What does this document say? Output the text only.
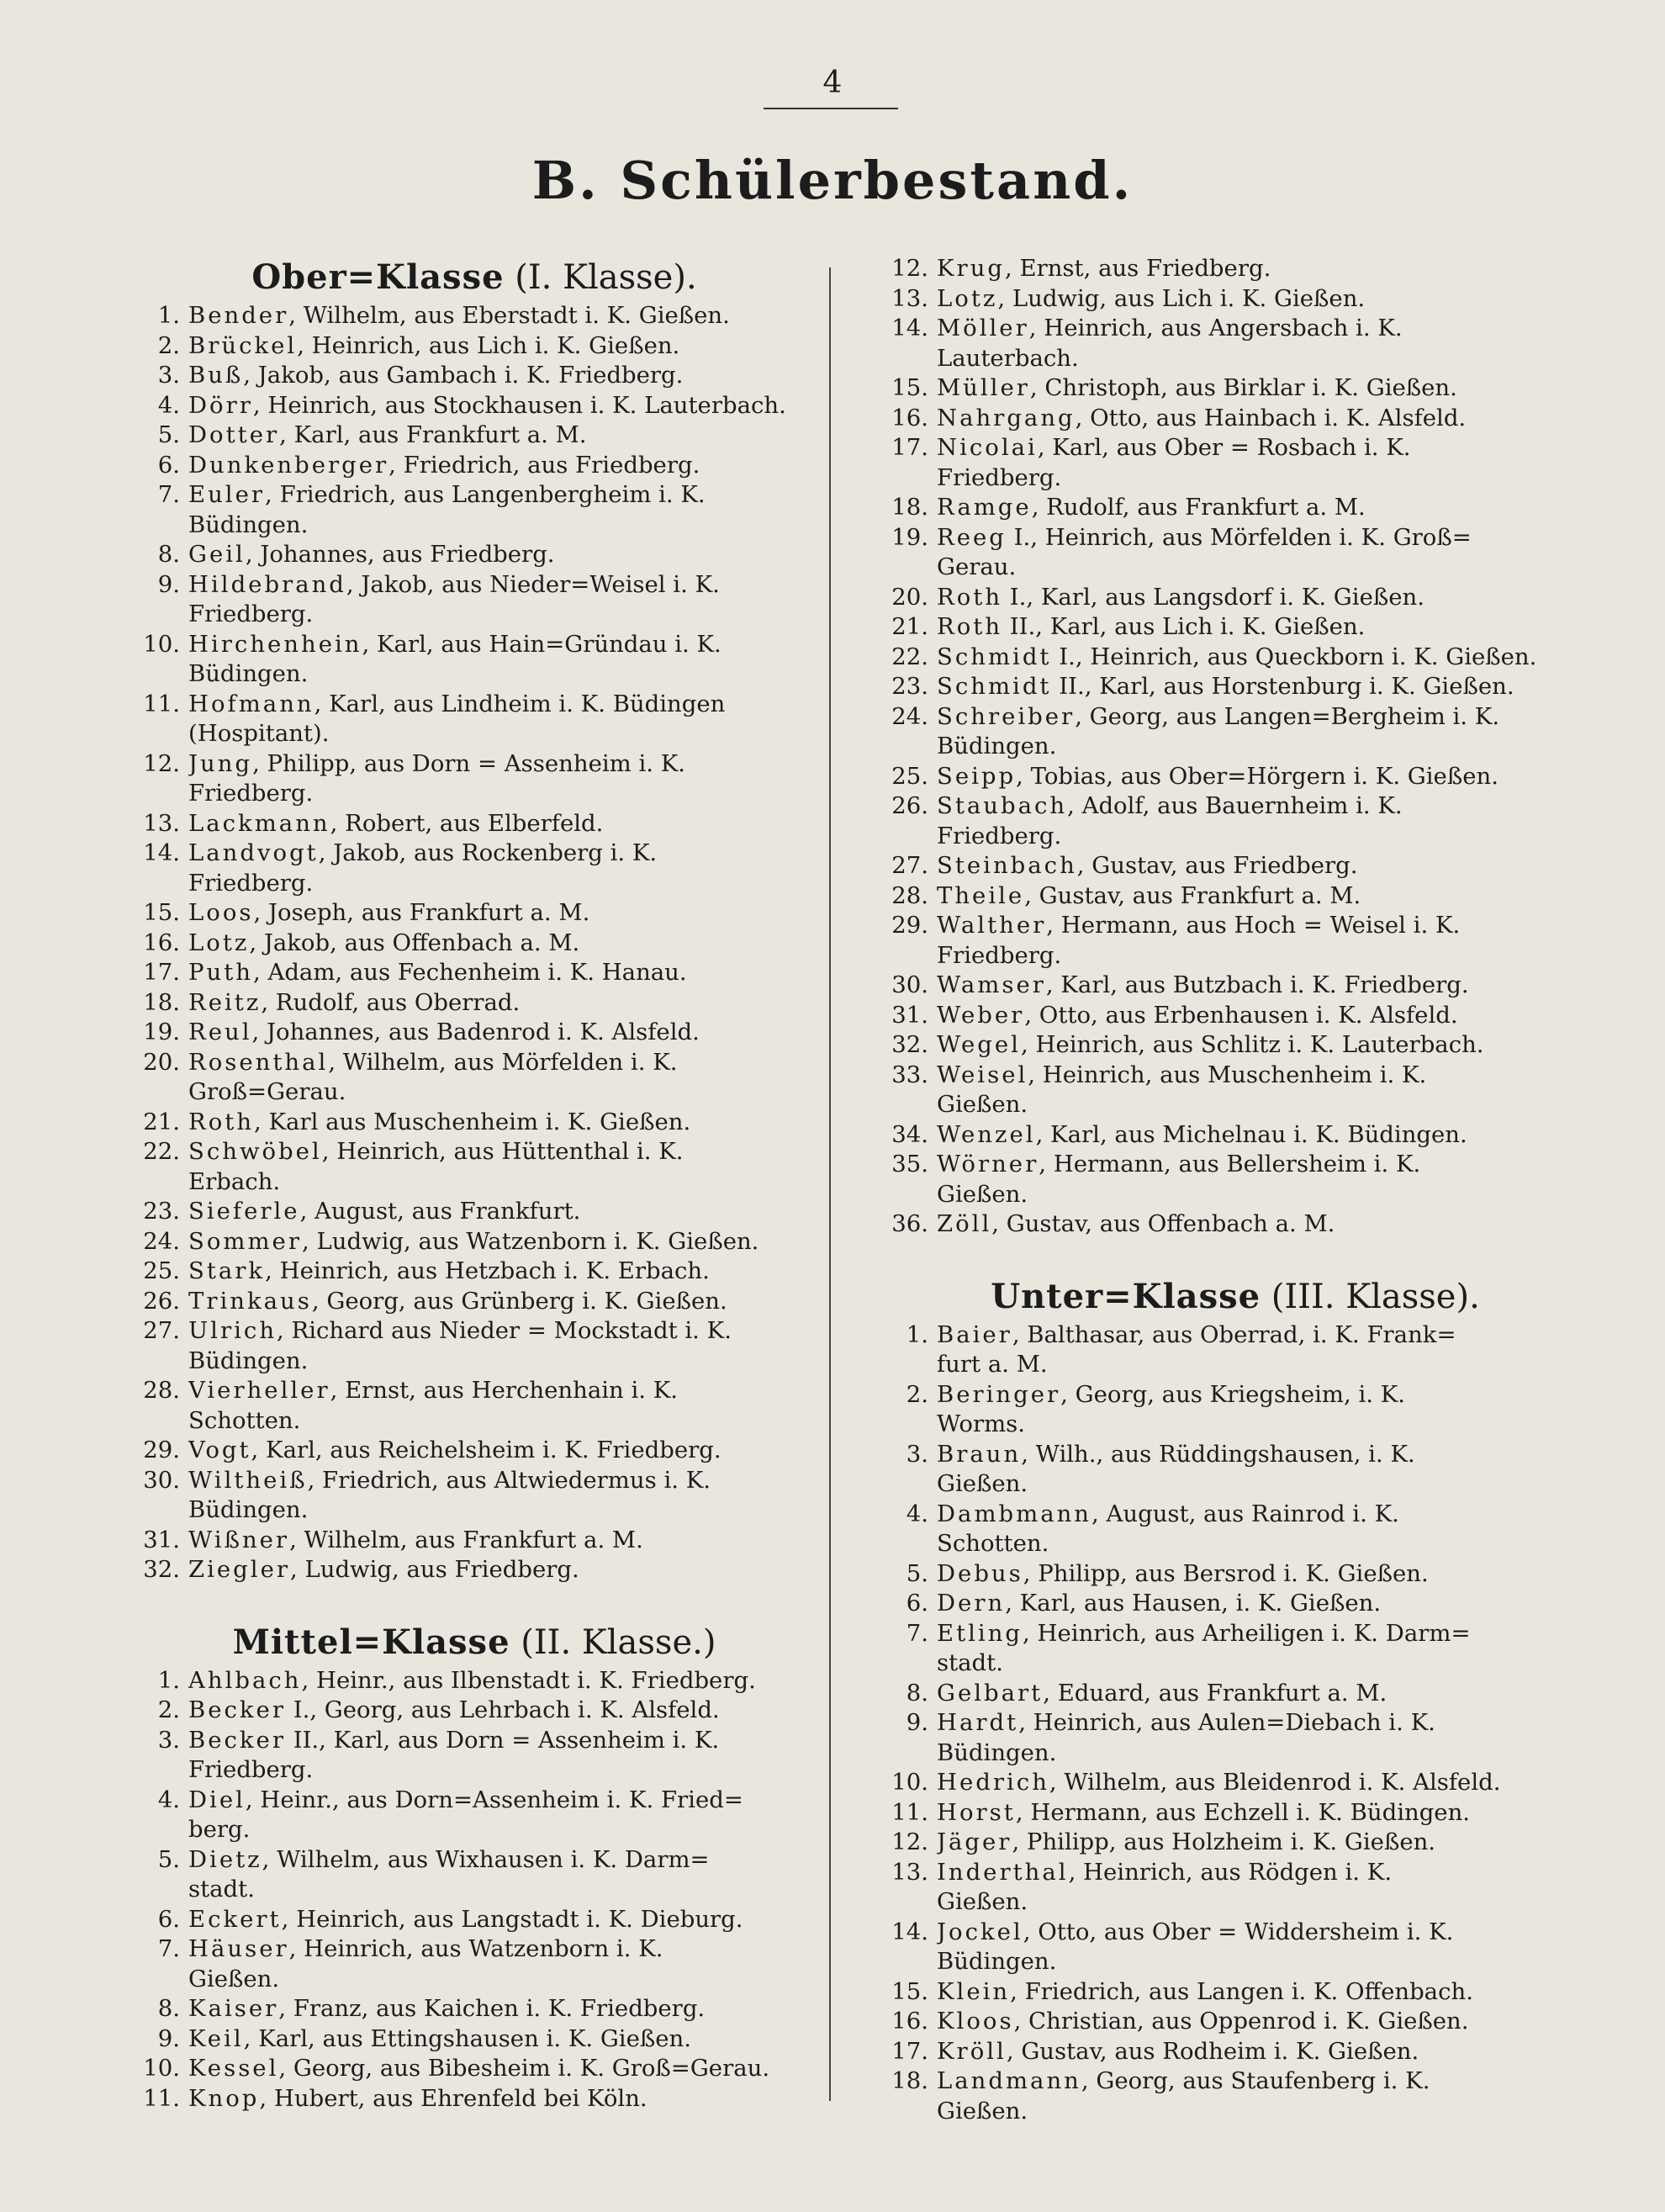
4
B. Schülerbestand.
Ober=Klasse (I. Klasse).
1. Bender, Wilhelm, aus Eberstadt i. K. Gießen.
2. Brückel, Heinrich, aus Lich i. K. Gießen.
3. Buß, Jakob, aus Gambach i. K. Friedberg.
4. Dörr, Heinrich, aus Stockhausen i. K. Lauterbach.
5. Dotter, Karl, aus Frankfurt a. M.
6. Dunkenberger, Friedrich, aus Friedberg.
7. Euler, Friedrich, aus Langenbergheim i. K.
Büdingen.
8. Geil, Johannes, aus Friedberg.
9. Hildebrand, Jakob, aus Nieder=Weisel i. K.
Friedberg.
10. Hirchenhein, Karl, aus Hain=Gründau i. K.
Büdingen.
11. Hofmann, Karl, aus Lindheim i. K. Büdingen
(Hospitant).
12. Jung, Philipp, aus Dorn = Assenheim i. K.
Friedberg.
13. Lackmann, Robert, aus Elberfeld.
14. Landvogt, Jakob, aus Rockenberg i. K.
Friedberg.
15. Loos, Joseph, aus Frankfurt a. M.
16. Lotz, Jakob, aus Offenbach a. M.
17. Puth, Adam, aus Fechenheim i. K. Hanau.
18. Reitz, Rudolf, aus Oberrad.
19. Reul, Johannes, aus Badenrod i. K. Alsfeld.
20. Rosenthal, Wilhelm, aus Mörfelden i. K.
Groß=Gerau.
21. Roth, Karl aus Muschenheim i. K. Gießen.
22. Schwöbel, Heinrich, aus Hüttenthal i. K.
Erbach.
23. Sieferle, August, aus Frankfurt.
24. Sommer, Ludwig, aus Watzenborn i. K. Gießen.
25. Stark, Heinrich, aus Hetzbach i. K. Erbach.
26. Trinkaus, Georg, aus Grünberg i. K. Gießen.
27. Ulrich, Richard aus Nieder = Mockstadt i. K.
Büdingen.
28. Vierheller, Ernst, aus Herchenhain i. K.
Schotten.
29. Vogt, Karl, aus Reichelsheim i. K. Friedberg.
30. Wiltheiß, Friedrich, aus Altwiedermus i. K.
Büdingen.
31. Wißner, Wilhelm, aus Frankfurt a. M.
32. Ziegler, Ludwig, aus Friedberg.
Mittel=Klasse (II. Klasse.)
1. Ahlbach, Heinr., aus Ilbenstadt i. K. Friedberg.
2. Becker I., Georg, aus Lehrbach i. K. Alsfeld.
3. Becker II., Karl, aus Dorn = Assenheim i. K.
Friedberg.
4. Diel, Heinr., aus Dorn=Assenheim i. K. Fried=
berg.
5. Dietz, Wilhelm, aus Wixhausen i. K. Darm=
stadt.
6. Eckert, Heinrich, aus Langstadt i. K. Dieburg.
7. Häuser, Heinrich, aus Watzenborn i. K.
Gießen.
8. Kaiser, Franz, aus Kaichen i. K. Friedberg.
9. Keil, Karl, aus Ettingshausen i. K. Gießen.
10. Kessel, Georg, aus Bibesheim i. K. Groß=Gerau.
11. Knop, Hubert, aus Ehrenfeld bei Köln.
12. Krug, Ernst, aus Friedberg.
13. Lotz, Ludwig, aus Lich i. K. Gießen.
14. Möller, Heinrich, aus Angersbach i. K.
Lauterbach.
15. Müller, Christoph, aus Birklar i. K. Gießen.
16. Nahrgang, Otto, aus Hainbach i. K. Alsfeld.
17. Nicolai, Karl, aus Ober = Rosbach i. K.
Friedberg.
18. Ramge, Rudolf, aus Frankfurt a. M.
19. Reeg I., Heinrich, aus Mörfelden i. K. Groß=
Gerau.
20. Roth I., Karl, aus Langsdorf i. K. Gießen.
21. Roth II., Karl, aus Lich i. K. Gießen.
22. Schmidt I., Heinrich, aus Queckborn i. K. Gießen.
23. Schmidt II., Karl, aus Horstenburg i. K. Gießen.
24. Schreiber, Georg, aus Langen=Bergheim i. K.
Büdingen.
25. Seipp, Tobias, aus Ober=Hörgern i. K. Gießen.
26. Staubach, Adolf, aus Bauernheim i. K.
Friedberg.
27. Steinbach, Gustav, aus Friedberg.
28. Theile, Gustav, aus Frankfurt a. M.
29. Walther, Hermann, aus Hoch = Weisel i. K.
Friedberg.
30. Wamser, Karl, aus Butzbach i. K. Friedberg.
31. Weber, Otto, aus Erbenhausen i. K. Alsfeld.
32. Wegel, Heinrich, aus Schlitz i. K. Lauterbach.
33. Weisel, Heinrich, aus Muschenheim i. K.
Gießen.
34. Wenzel, Karl, aus Michelnau i. K. Büdingen.
35. Wörner, Hermann, aus Bellersheim i. K.
Gießen.
36. Zöll, Gustav, aus Offenbach a. M.
Unter=Klasse (III. Klasse).
1. Baier, Balthasar, aus Oberrad, i. K. Frank=
furt a. M.
2. Beringer, Georg, aus Kriegsheim, i. K.
Worms.
3. Braun, Wilh., aus Rüddingshausen, i. K.
Gießen.
4. Dambmann, August, aus Rainrod i. K.
Schotten.
5. Debus, Philipp, aus Bersrod i. K. Gießen.
6. Dern, Karl, aus Hausen, i. K. Gießen.
7. Etling, Heinrich, aus Arheiligen i. K. Darm=
stadt.
8. Gelbart, Eduard, aus Frankfurt a. M.
9. Hardt, Heinrich, aus Aulen=Diebach i. K.
Büdingen.
10. Hedrich, Wilhelm, aus Bleidenrod i. K. Alsfeld.
11. Horst, Hermann, aus Echzell i. K. Büdingen.
12. Jäger, Philipp, aus Holzheim i. K. Gießen.
13. Inderthal, Heinrich, aus Rödgen i. K.
Gießen.
14. Jockel, Otto, aus Ober = Widdersheim i. K.
Büdingen.
15. Klein, Friedrich, aus Langen i. K. Offenbach.
16. Kloos, Christian, aus Oppenrod i. K. Gießen.
17. Kröll, Gustav, aus Rodheim i. K. Gießen.
18. Landmann, Georg, aus Staufenberg i. K.
Gießen.
